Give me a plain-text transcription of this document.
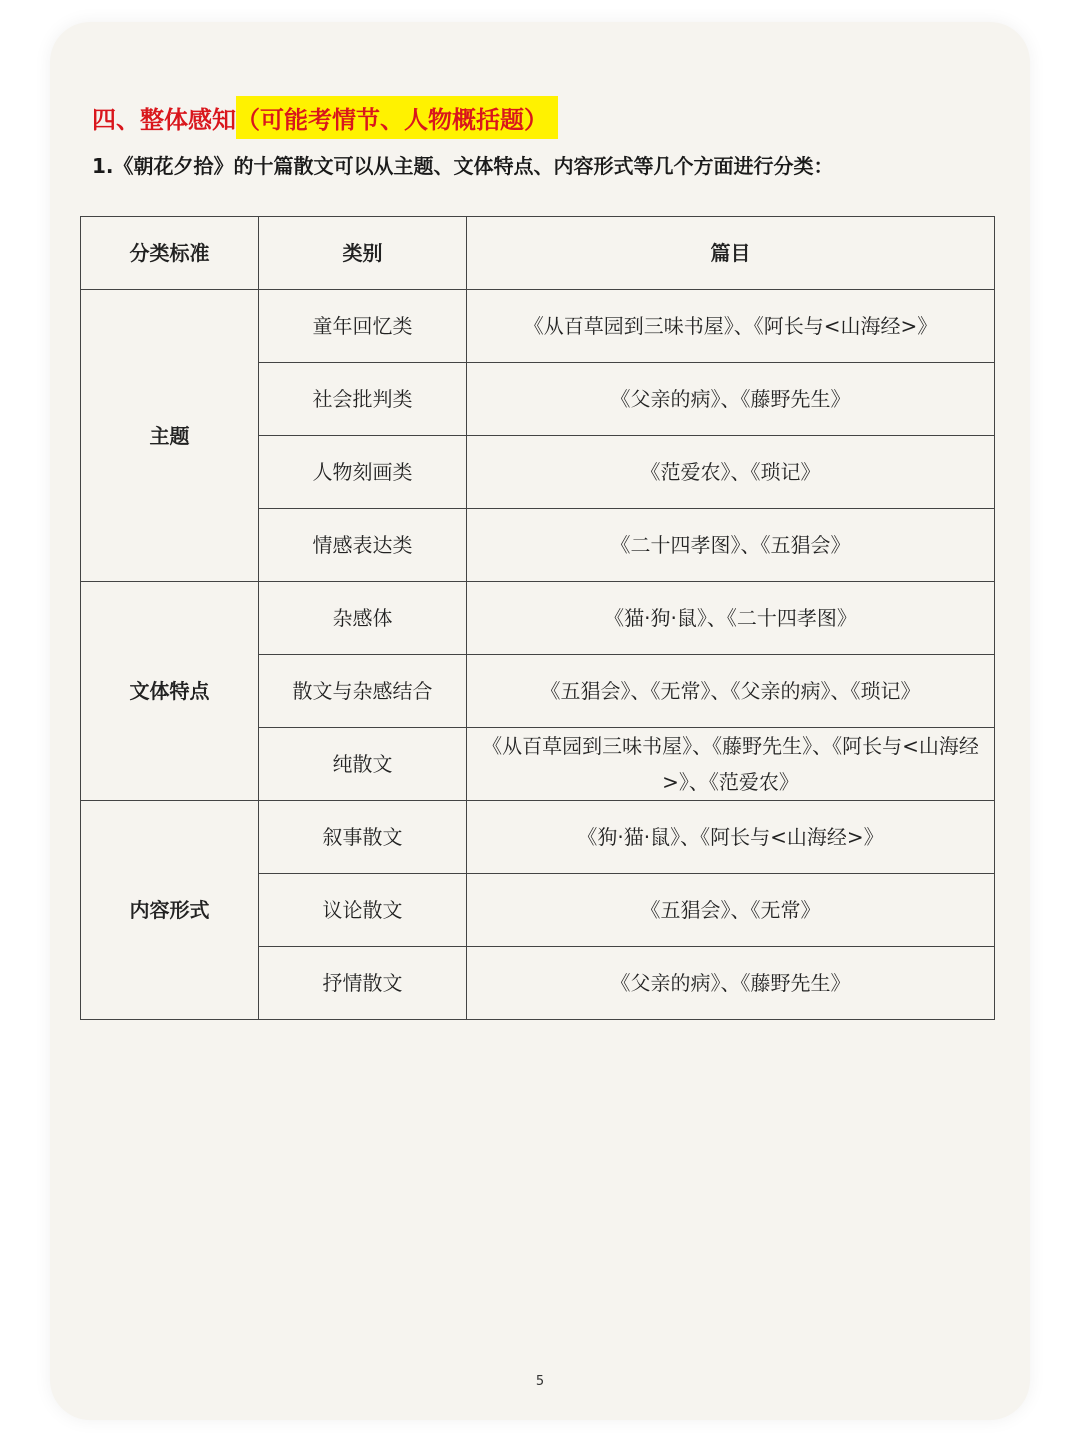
四、整体感知 （可能考情节、人物概括题）
1.《朝花夕拾》的十篇散文可以从主题、文体特点、内容形式等几个方面进行分类：
分类标准	类别	篇目
主题	童年回忆类	《从百草园到三味书屋》、《阿长与<山海经>》
	社会批判类	《父亲的病》、《藤野先生》
	人物刻画类	《范爱农》、《琐记》
	情感表达类	《二十四孝图》、《五猖会》
文体特点	杂感体	《猫·狗·鼠》、《二十四孝图》
	散文与杂感结合	《五猖会》、《无常》、《父亲的病》、《琐记》
	纯散文	《从百草园到三味书屋》、《藤野先生》、《阿长与<山海经>》、《范爱农》
内容形式	叙事散文	《狗·猫·鼠》、《阿长与<山海经>》
	议论散文	《五猖会》、《无常》
	抒情散文	《父亲的病》、《藤野先生》
5
